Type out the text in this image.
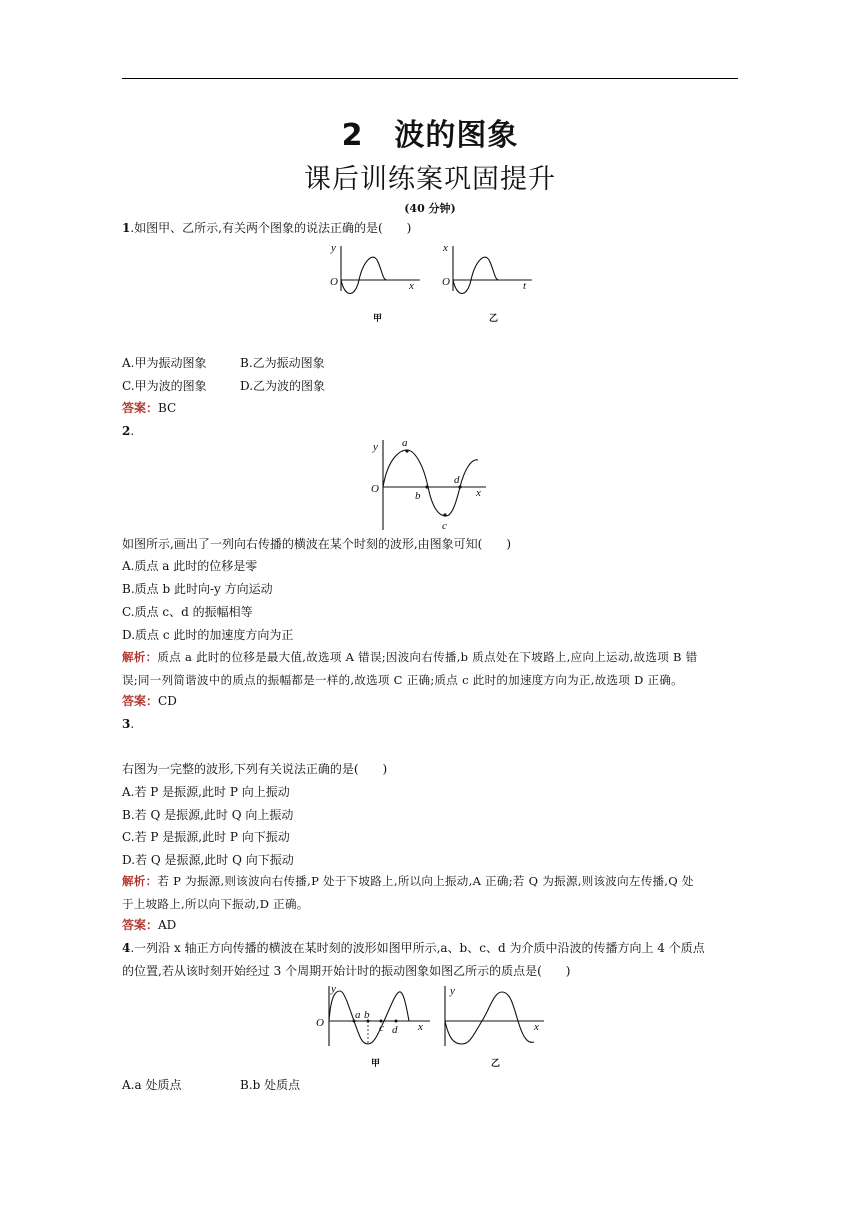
2　波的图象
课后训练案巩固提升
(40 分钟)
1.如图甲、乙所示,有关两个图象的说法正确的是(　　)
y
O	x
甲
x
O	t
乙
A.甲为振动图象	B.乙为振动图象
C.甲为波的图象	D.乙为波的图象
答案：BC
2.
y
O	x
a
b
c
d
如图所示,画出了一列向右传播的横波在某个时刻的波形,由图象可知(　　)
A.质点 a 此时的位移是零
B.质点 b 此时向-y 方向运动
C.质点 c、d 的振幅相等
D.质点 c 此时的加速度方向为正
解析：质点 a 此时的位移是最大值,故选项 A 错误;因波向右传播,b 质点处在下坡路上,应向上运动,故选项 B 错
误;同一列简谐波中的质点的振幅都是一样的,故选项 C 正确;质点 c 此时的加速度方向为正,故选项 D 正确。
答案：CD
3.
右图为一完整的波形,下列有关说法正确的是(　　)
A.若 P 是振源,此时 P 向上振动
B.若 Q 是振源,此时 Q 向上振动
C.若 P 是振源,此时 P 向下振动
D.若 Q 是振源,此时 Q 向下振动
解析：若 P 为振源,则该波向右传播,P 处于下坡路上,所以向上振动,A 正确;若 Q 为振源,则该波向左传播,Q 处
于上坡路上,所以向下振动,D 正确。
答案：AD
4.一列沿 x 轴正方向传播的横波在某时刻的波形如图甲所示,a、b、c、d 为介质中沿波的传播方向上 4 个质点
的位置,若从该时刻开始经过 3 个周期开始计时的振动图象如图乙所示的质点是(　　)
y
O	x
a b
c d
甲
y
x
乙
A.a 处质点	B.b 处质点
